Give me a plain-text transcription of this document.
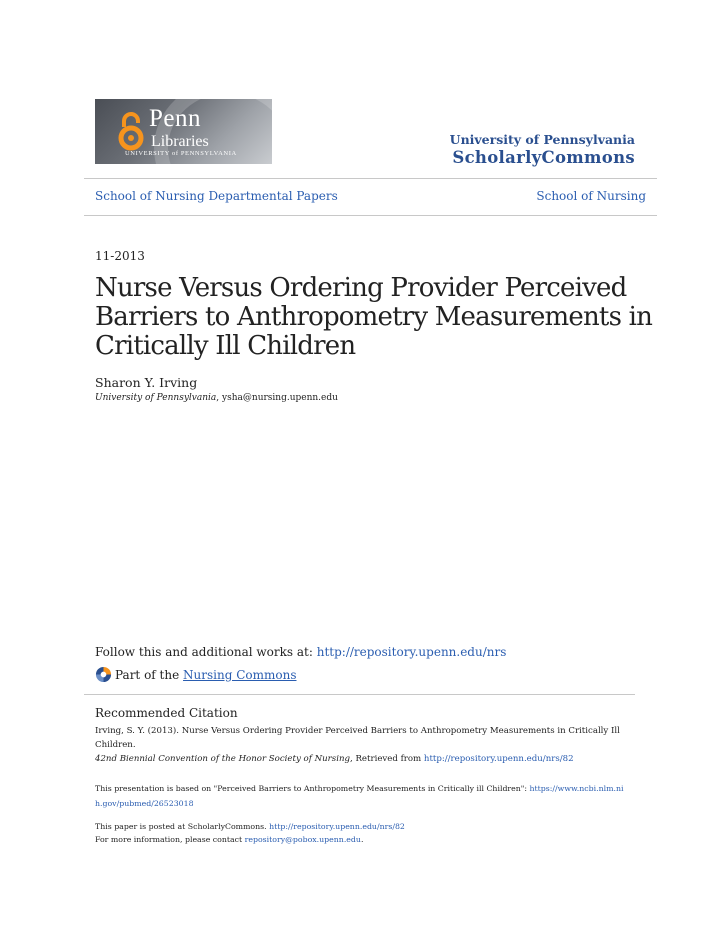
Penn
Libraries
UNIVERSITY of PENNSYLVANIA
University of Pennsylvania
ScholarlyCommons
School of Nursing Departmental Papers	School of Nursing
11-2013
Nurse Versus Ordering Provider Perceived Barriers to Anthropometry Measurements in Critically Ill Children
Sharon Y. Irving
University of Pennsylvania, ysha@nursing.upenn.edu
Follow this and additional works at: http://repository.upenn.edu/nrs
Part of the
Nursing Commons
Recommended Citation
Irving, S. Y. (2013). Nurse Versus Ordering Provider Perceived Barriers to Anthropometry Measurements in Critically Ill Children.
42nd Biennial Convention of the Honor Society of Nursing, Retrieved from http://repository.upenn.edu/nrs/82
This presentation is based on "Perceived Barriers to Anthropometry Measurements in Critically ill Children": https://www.ncbi.nlm.nih.gov/pubmed/26523018
This paper is posted at ScholarlyCommons. http://repository.upenn.edu/nrs/82
For more information, please contact repository@pobox.upenn.edu.
